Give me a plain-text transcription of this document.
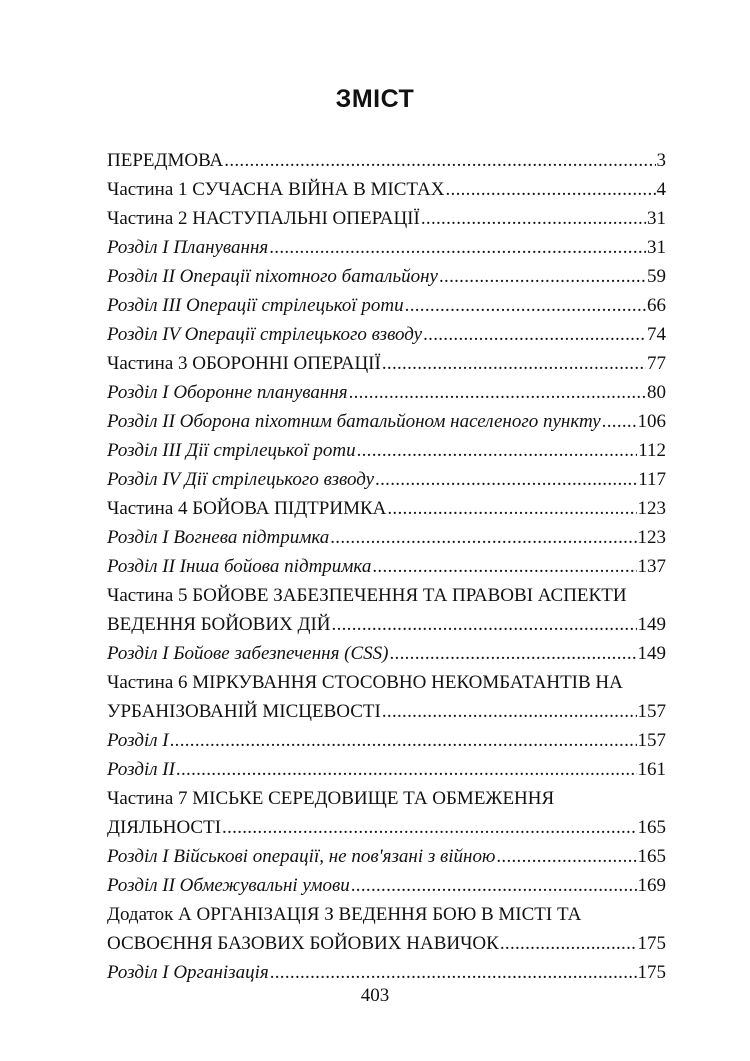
ЗМІСТ
ПЕРЕДМОВА .....	3
Частина 1 СУЧАСНА ВІЙНА В МІСТАХ .....	4
Частина 2 НАСТУПАЛЬНІ ОПЕРАЦІЇ .....	31
Розділ І Планування .....	31
Розділ ІІ Операції піхотного батальйону .....	59
Розділ ІІІ Операції стрілецької роти .....	66
Розділ ІV Операції стрілецького взводу .....	74
Частина 3 ОБОРОННІ ОПЕРАЦІЇ .....	77
Розділ І Оборонне планування .....	80
Розділ ІІ Оборона піхотним батальйоном населеного пункту ..... 106
Розділ ІІІ Дії стрілецької роти .....	112
Розділ ІV Дії стрілецького взводу .....	117
Частина 4 БОЙОВА ПІДТРИМКА .....	123
Розділ І Вогнева підтримка .....	123
Розділ ІІ Інша бойова підтримка .....	137
Частина 5 БОЙОВЕ ЗАБЕЗПЕЧЕННЯ ТА ПРАВОВІ АСПЕКТИ
ВЕДЕННЯ БОЙОВИХ ДІЙ .....	149
Розділ І Бойове забезпечення (CSS) .....	149
Частина 6 МІРКУВАННЯ СТОСОВНО НЕКОМБАТАНТІВ НА
УРБАНІЗОВАНІЙ МІСЦЕВОСТІ .....	157
Розділ І .....	157
Розділ ІІ .....	161
Частина 7 МІСЬКЕ СЕРЕДОВИЩЕ ТА ОБМЕЖЕННЯ
ДІЯЛЬНОСТІ .....	165
Розділ І Військові операції, не пов'язані з війною .....	165
Розділ ІІ Обмежувальні умови .....	169
Додаток А ОРГАНІЗАЦІЯ З ВЕДЕННЯ БОЮ В МІСТІ ТА
ОСВОЄННЯ БАЗОВИХ БОЙОВИХ НАВИЧОК .....	175
Розділ І Організація .....	175

403
